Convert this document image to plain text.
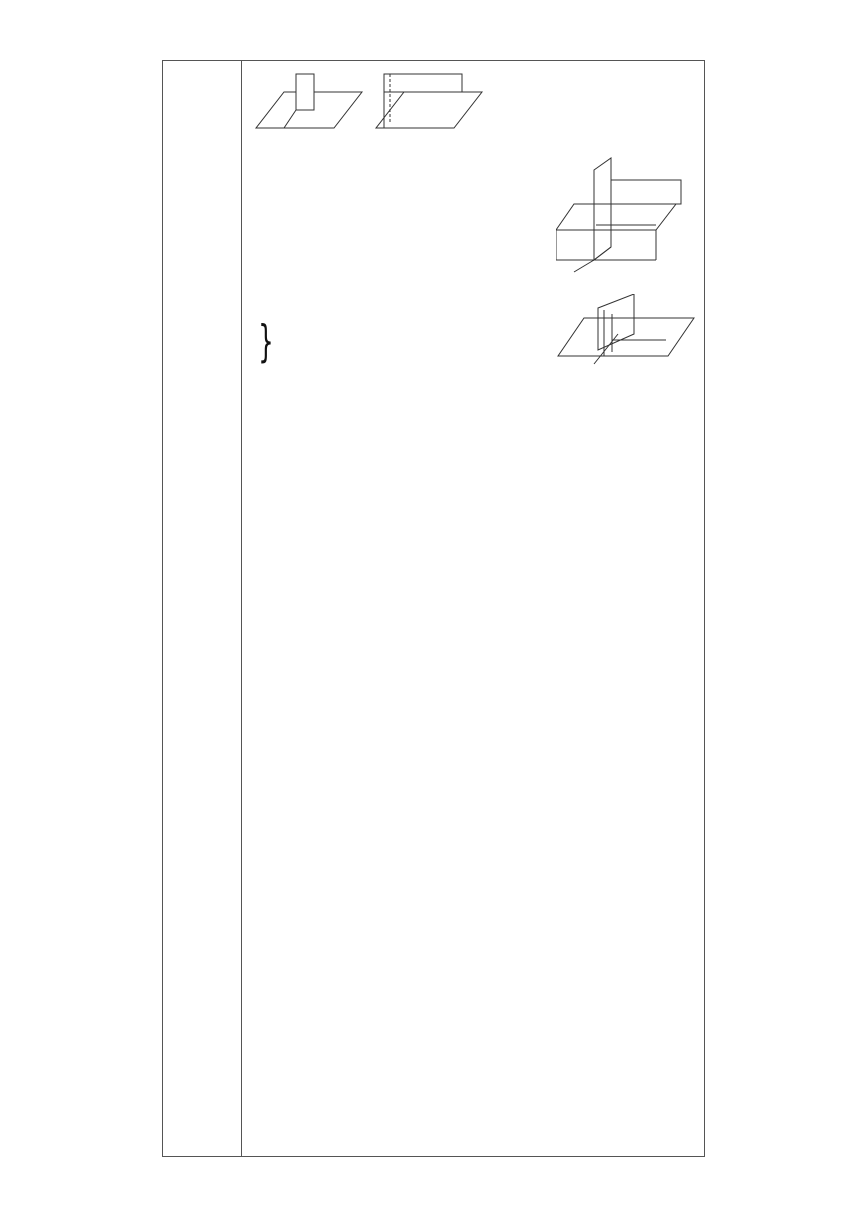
}
